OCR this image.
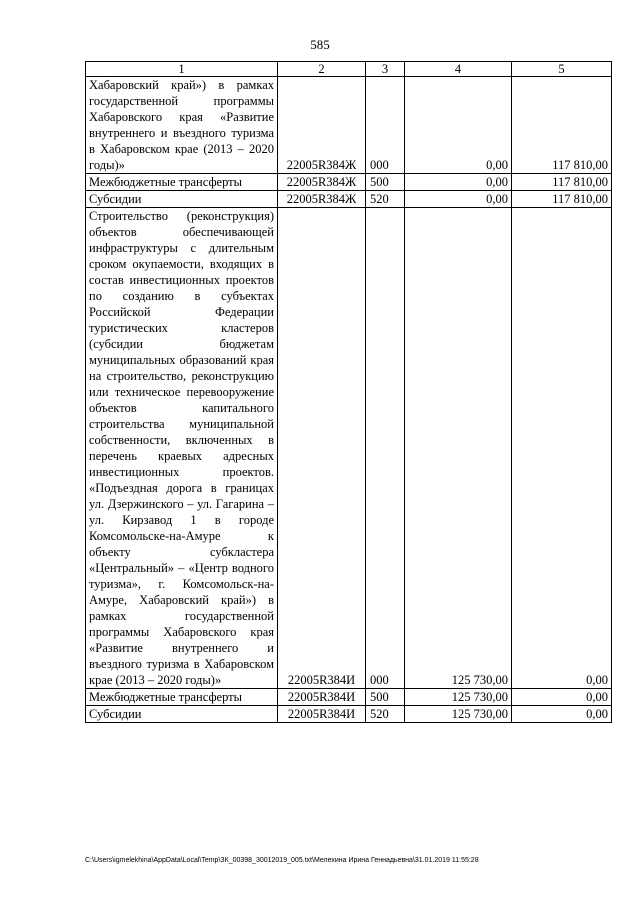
585
1	2	3	4	5
Хабаровский край») в рамках государственной программы Хабаровского края «Развитие внутреннего и въездного туризма в Хабаровском крае (2013 – 2020 годы)»	22005R384Ж	000	0,00	117 810,00
Межбюджетные трансферты	22005R384Ж	500	0,00	117 810,00
Субсидии	22005R384Ж	520	0,00	117 810,00
Строительство (реконструкция) объектов обеспечивающей инфраструктуры с длительным сроком окупаемости, входящих в состав инвестиционных проектов по созданию в субъектах Российской Федерации туристических кластеров (субсидии бюджетам муниципальных образований края на строительство, реконструкцию или техническое перевооружение объектов капитального строительства муниципальной собственности, включенных в перечень краевых адресных инвестиционных проектов. «Подъездная дорога в границах ул. Дзержинского – ул. Гагарина – ул. Кирзавод 1 в городе Комсомольске-на-Амуре к объекту субкластера «Центральный» – «Центр водного туризма», г. Комсомольск-на-Амуре, Хабаровский край») в рамках государственной программы Хабаровского края «Развитие внутреннего и въездного туризма в Хабаровском крае (2013 – 2020 годы)»	22005R384И	000	125 730,00	0,00
Межбюджетные трансферты	22005R384И	500	125 730,00	0,00
Субсидии	22005R384И	520	125 730,00	0,00
C:\Users\igmelekhina\AppData\Local\Temp\ЗК_00398_30012019_005.txt\Мелехина Ирина Геннадьевна\31.01.2019 11:55:28
